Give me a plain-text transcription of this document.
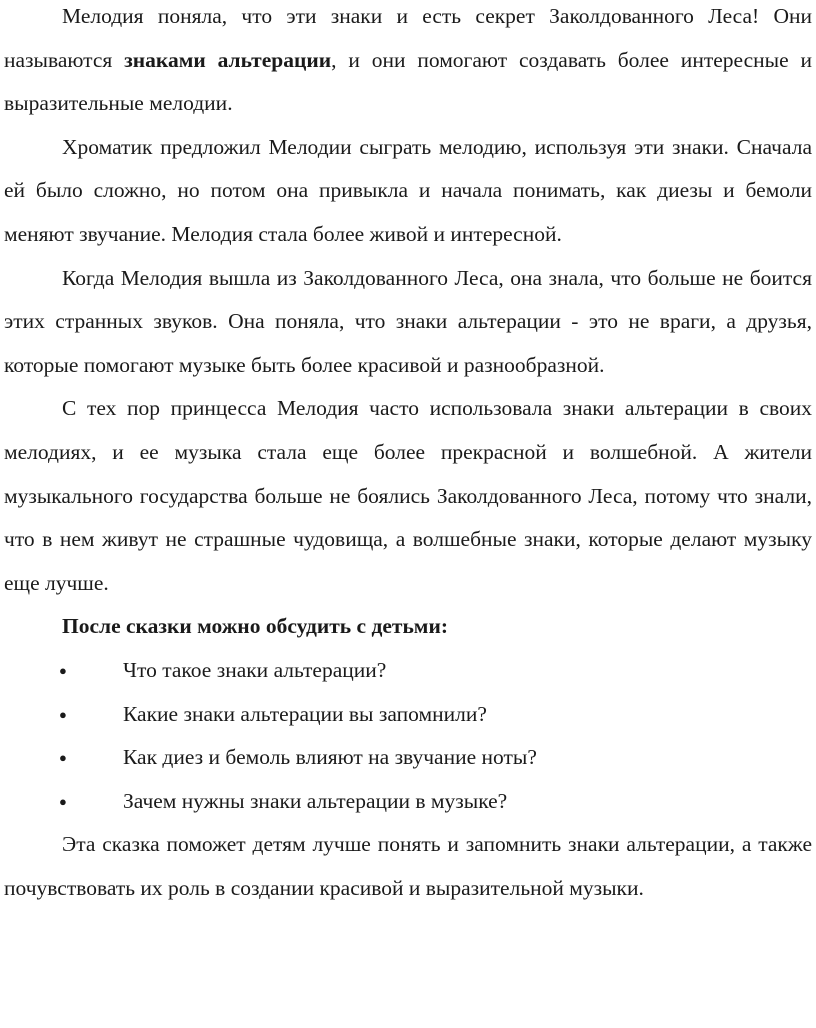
Мелодия поняла, что эти знаки и есть секрет Заколдованного Леса! Они называются знаками альтерации, и они помогают создавать более интересные и выразительные мелодии.

Хроматик предложил Мелодии сыграть мелодию, используя эти знаки. Сначала ей было сложно, но потом она привыкла и начала понимать, как диезы и бемоли меняют звучание. Мелодия стала более живой и интересной.

Когда Мелодия вышла из Заколдованного Леса, она знала, что больше не боится этих странных звуков. Она поняла, что знаки альтерации - это не враги, а друзья, которые помогают музыке быть более красивой и разнообразной.

С тех пор принцесса Мелодия часто использовала знаки альтерации в своих мелодиях, и ее музыка стала еще более прекрасной и волшебной. А жители музыкального государства больше не боялись Заколдованного Леса, потому что знали, что в нем живут не страшные чудовища, а волшебные знаки, которые делают музыку еще лучше.

После сказки можно обсудить с детьми:

●	Что такое знаки альтерации?
●	Какие знаки альтерации вы запомнили?
●	Как диез и бемоль влияют на звучание ноты?
●	Зачем нужны знаки альтерации в музыке?

Эта сказка поможет детям лучше понять и запомнить знаки альтерации, а также почувствовать их роль в создании красивой и выразительной музыки.
